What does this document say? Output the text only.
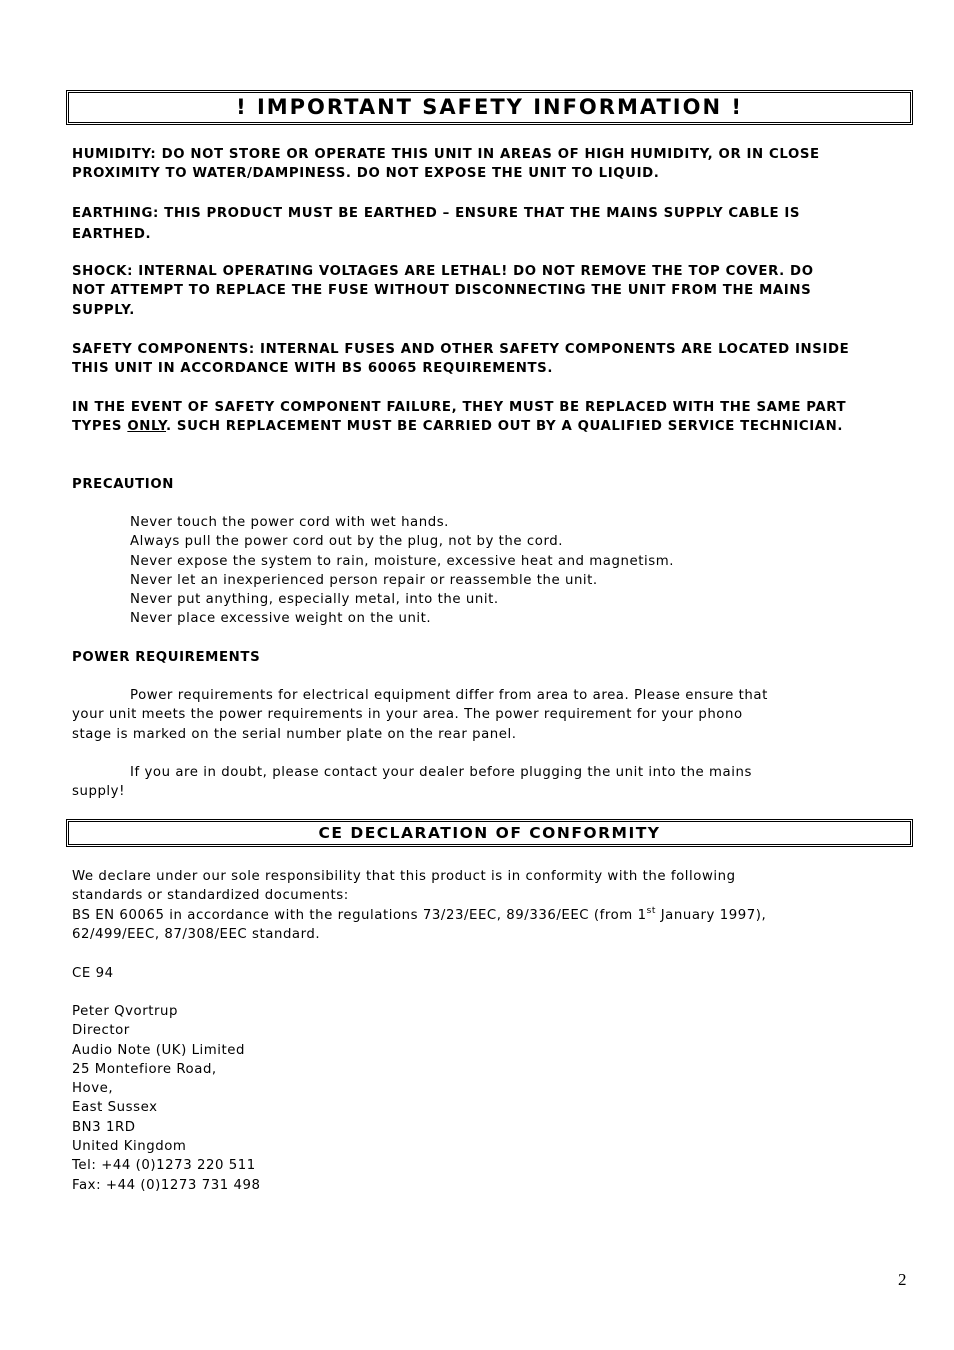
! IMPORTANT SAFETY INFORMATION !
HUMIDITY: DO NOT STORE OR OPERATE THIS UNIT IN AREAS OF HIGH HUMIDITY, OR IN CLOSE
PROXIMITY TO WATER/DAMPINESS. DO NOT EXPOSE THE UNIT TO LIQUID.
EARTHING: THIS PRODUCT MUST BE EARTHED – ENSURE THAT THE MAINS SUPPLY CABLE IS
EARTHED.
SHOCK: INTERNAL OPERATING VOLTAGES ARE LETHAL! DO NOT REMOVE THE TOP COVER. DO
NOT ATTEMPT TO REPLACE THE FUSE WITHOUT DISCONNECTING THE UNIT FROM THE MAINS
SUPPLY.
SAFETY COMPONENTS: INTERNAL FUSES AND OTHER SAFETY COMPONENTS ARE LOCATED INSIDE
THIS UNIT IN ACCORDANCE WITH BS 60065 REQUIREMENTS.
IN THE EVENT OF SAFETY COMPONENT FAILURE, THEY MUST BE REPLACED WITH THE SAME PART
TYPES ONLY. SUCH REPLACEMENT MUST BE CARRIED OUT BY A QUALIFIED SERVICE TECHNICIAN.
PRECAUTION
Never touch the power cord with wet hands.
Always pull the power cord out by the plug, not by the cord.
Never expose the system to rain, moisture, excessive heat and magnetism.
Never let an inexperienced person repair or reassemble the unit.
Never put anything, especially metal, into the unit.
Never place excessive weight on the unit.
POWER REQUIREMENTS
Power requirements for electrical equipment differ from area to area. Please ensure that
your unit meets the power requirements in your area. The power requirement for your phono
stage is marked on the serial number plate on the rear panel.
If you are in doubt, please contact your dealer before plugging the unit into the mains
supply!
CE DECLARATION OF CONFORMITY
We declare under our sole responsibility that this product is in conformity with the following
standards or standardized documents:
BS EN 60065 in accordance with the regulations 73/23/EEC, 89/336/EEC (from 1st January 1997),
62/499/EEC, 87/308/EEC standard.
CE 94
Peter Qvortrup
Director
Audio Note (UK) Limited
25 Montefiore Road,
Hove,
East Sussex
BN3 1RD
United Kingdom
Tel: +44 (0)1273 220 511
Fax: +44 (0)1273 731 498
2
